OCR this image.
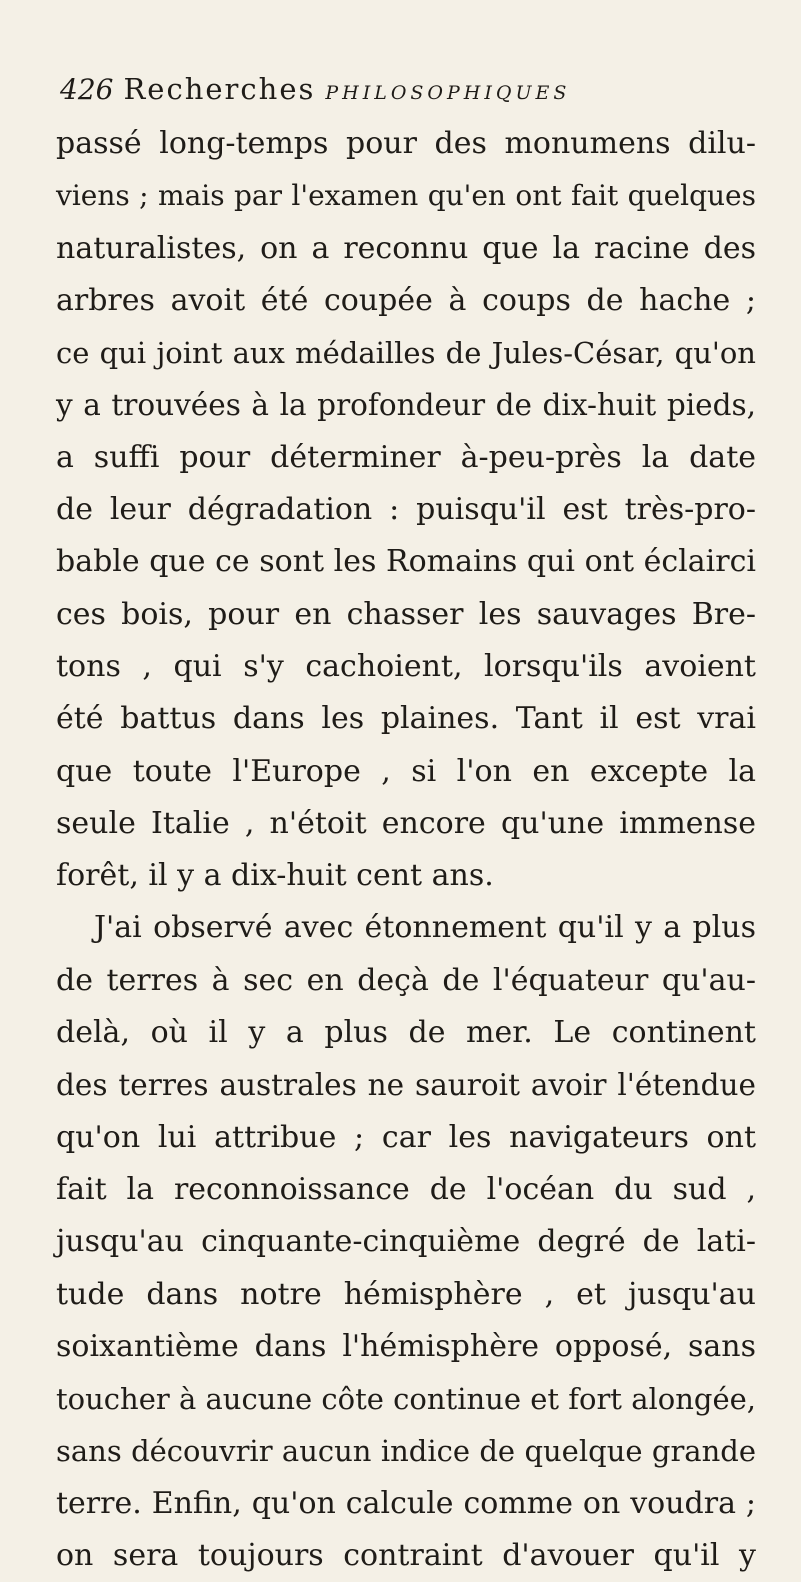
426 Recherches PHILOSOPHIQUES
passé long-temps pour des monumens dilu-
viens ; mais par l'examen qu'en ont fait quelques
naturalistes, on a reconnu que la racine des
arbres avoit été coupée à coups de hache ;
ce qui joint aux médailles de Jules-César, qu'on
y a trouvées à la profondeur de dix-huit pieds,
a suffi pour déterminer à-peu-près la date
de leur dégradation : puisqu'il est très-pro-
bable que ce sont les Romains qui ont éclairci
ces bois, pour en chasser les sauvages Bre-
tons , qui s'y cachoient, lorsqu'ils avoient
été battus dans les plaines. Tant il est vrai
que toute l'Europe , si l'on en excepte la
seule Italie , n'étoit encore qu'une immense
forêt, il y a dix-huit cent ans.
J'ai observé avec étonnement qu'il y a plus
de terres à sec en deçà de l'équateur qu'au-
delà, où il y a plus de mer. Le continent
des terres australes ne sauroit avoir l'étendue
qu'on lui attribue ; car les navigateurs ont
fait la reconnoissance de l'océan du sud ,
jusqu'au cinquante-cinquième degré de lati-
tude dans notre hémisphère , et jusqu'au
soixantième dans l'hémisphère opposé, sans
toucher à aucune côte continue et fort alongée,
sans découvrir aucun indice de quelque grande
terre. Enfin, qu'on calcule comme on voudra ;
on sera toujours contraint d'avouer qu'il y
